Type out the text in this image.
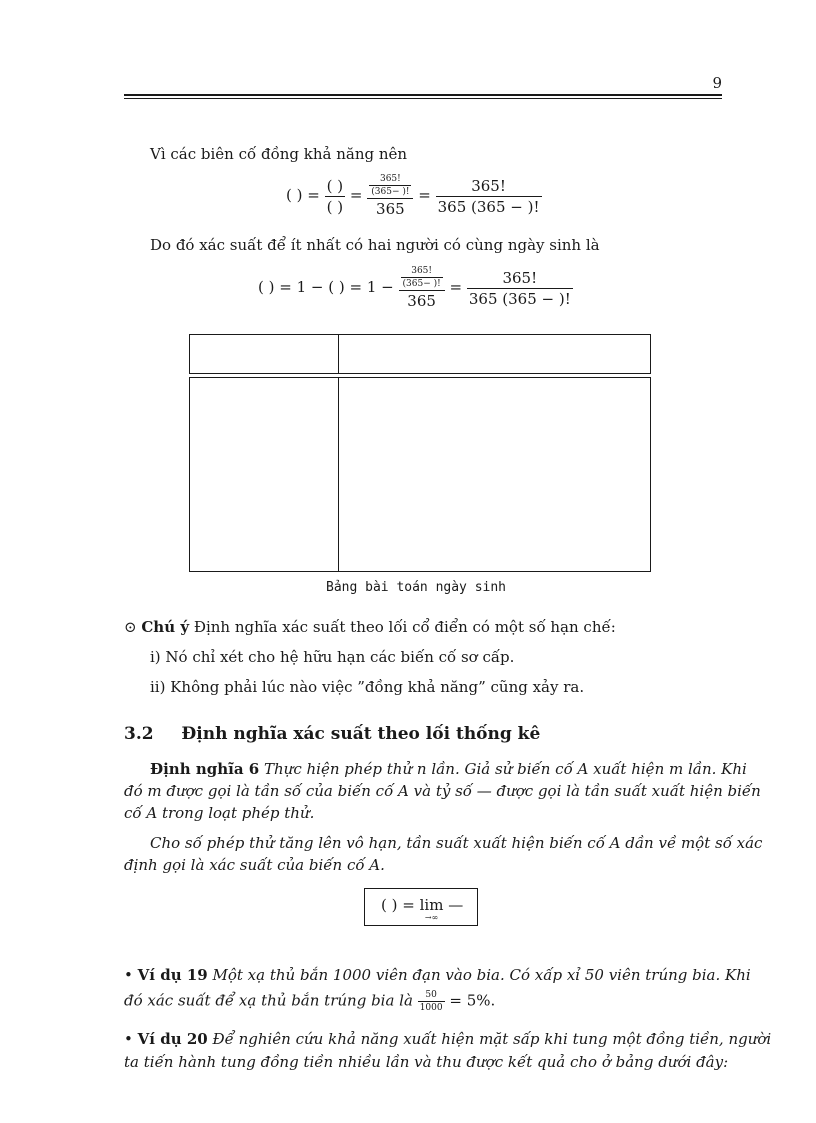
9
Vì các biên cố đồng khả năng nên
( ) = $\frac{( )}{( )} = \frac{\frac{365!}{(365- )!}}{365} = \frac{365!}{365 (365 - )!}$
Do đó xác suất để ít nhất có hai người có cùng ngày sinh là
( ) = 1 − ( ) = $1 - \frac{\frac{365!}{(365- )!}}{365} = \frac{365!}{365 (365 - )!}$
Bảng bài toán ngày sinh
⊙ Chú ý Định nghĩa xác suất theo lối cổ điển có một số hạn chế:
i) Nó chỉ xét cho hệ hữu hạn các biến cố sơ cấp.
ii) Không phải lúc nào việc ”đồng khả năng” cũng xảy ra.
3.2 Định nghĩa xác suất theo lối thống kê
Định nghĩa 6 Thực hiện phép thử n lần. Giả sử biến cố A xuất hiện m lần. Khi
đó m được gọi là tần số của biến cố A và tỷ số — được gọi là tần suất xuất hiện biến
cố A trong loạt phép thử.
Cho số phép thử tăng lên vô hạn, tần suất xuất hiện biến cố A dần về một số xác
định gọi là xác suất của biến cố A.
( ) = lim
→∞
—
• Ví dụ 19 Một xạ thủ bắn 1000 viên đạn vào bia. Có xấp xỉ 50 viên trúng bia. Khi
đó xác suất để xạ thủ bắn trúng bia là $\frac{50}{1000} = 5\%$.
• Ví dụ 20 Để nghiên cứu khả năng xuất hiện mặt sấp khi tung một đồng tiền, người
ta tiến hành tung đồng tiền nhiều lần và thu được kết quả cho ở bảng dưới đây:
